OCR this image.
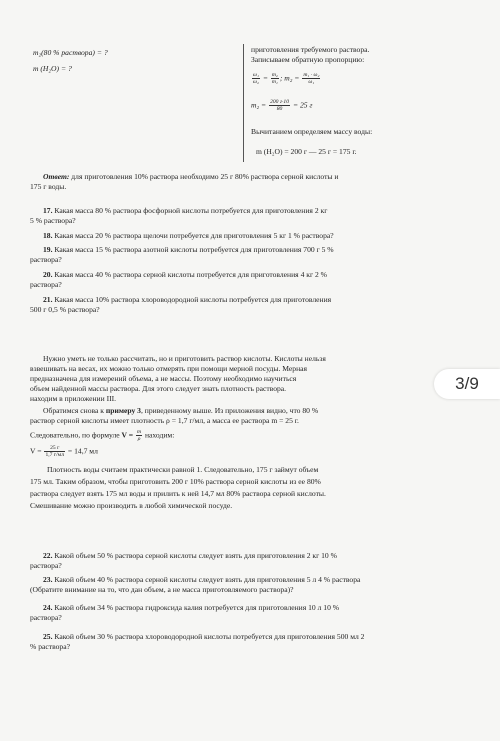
m₂(80 % раствора) = ?
m (H₂O) = ?
приготовления требуемого раствора.
Записываем обратную пропорцию:
$\frac{\text{ω₁}}{\text{ω₂}} = \frac{\text{m₂}}{\text{m₁}}$ ; $m_2 = \frac{\text{m₁ · ω₂}}{\text{ω₁}}$
$m_2 = \frac{200 г\cdot 10}{80} = 25$ г
Вычитанием определяем массу воды:
m (H₂O) = 200 г — 25 г = 175 г.
Ответ: для приготовления 10% раствора необходимо 25 г 80% раствора серной кислоты и
175 г воды.
17. Какая масса 80 % раствора фосфорной кислоты потребуется для приготовления 2 кг
5 % раствора?
18. Какая масса 20 % раствора щелочи потребуется для приготовления 5 кг 1 % раствора?
19. Какая масса 15 % раствора азотной кислоты потребуется для приготовления 700 г 5 %
раствора?
20. Какая масса 40 % раствора серной кислоты потребуется для приготовления 4 кг 2 %
раствора?
21. Какая масса 10% раствора хлороводородной кислоты потребуется для приготовления
500 г 0,5 % раствора?
Нужно уметь не только рассчитать, но и приготовить раствор кислоты. Кислоты нельзя
взвешивать на весах, их можно только отмерять при помощи мерной посуды. Мерная
предназначена для измерений объема, а не массы. Поэтому необходимо научиться
объем найденной массы раствора. Для этого следует знать плотность раствора.
находим в приложении III.
Обратимся снова к примеру 3, приведенному выше. Из приложения видно, что 80 %
раствор серной кислоты имеет плотность ρ = 1,7 г/мл, а масса ее раствора m = 25 г.
Следовательно, по формуле $V = \frac{m}{\rho}$ находим:
$V = \frac{25 г}{1,7 г/мл} = 14,7$ мл
Плотность воды считаем практически равной 1. Следовательно, 175 г займут объем
175 мл. Таким образом, чтобы приготовить 200 г 10% раствора серной кислоты из ее 80%
раствора следует взять 175 мл воды и прилить к ней 14,7 мл 80% раствора серной кислоты.
Смешивание можно производить в любой химической посуде.
22. Какой объем 50 % раствора серной кислоты следует взять для приготовления 2 кг 10 %
раствора?
23. Какой объем 40 % раствора серной кислоты следует взять для приготовления 5 л 4 % раствора
(Обратите внимание на то, что дан объем, а не масса приготовляемого раствора)?
24. Какой объем 34 % раствора гидроксида калия потребуется для приготовления 10 л 10 %
раствора?
25. Какой объем 30 % раствора хлороводородной кислоты потребуется для приготовления 500 мл 2
% раствора?
3/9
